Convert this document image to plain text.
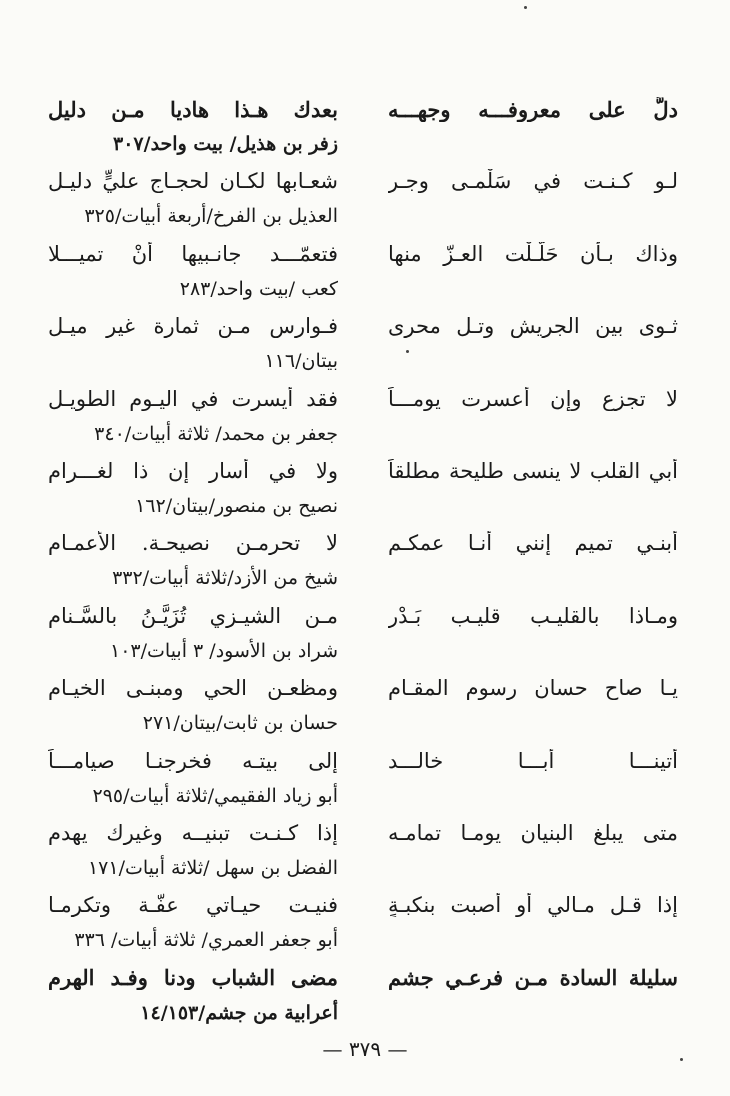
دلَّ على معروفـــه وجهـــه
بعدك هـذا هاديا مـن دليل
زفر بن هذيل/ بيت واحد/٣٠٧
لـو كـنـت في سَلْمـى وجـر
شعـابها لكـان لحجـاج عليٍّ دليـل
العذيل بن الفرخ/أربعة أبيات/٣٢٥
وذاك بـأن حَلَّـلْت العـزّ منها
فتعمّـــد جانـبيها أنْ تميـــلا
كعب /بيت واحد/٢٨٣
ثـوى بين الجريش وتـل محرى
فـوارس مـن ثمارة غير ميـل
بيتان/١١٦
لا تجزع وإن أعسرت يومـــاً
فقد أيسرت في اليـوم الطويـل
جعفر بن محمد/ ثلاثة أبيات/٣٤٠
أبي القلب لا ينسى طليحة مطلقاً
ولا في أسارٍ إن ذا لغـــرام
نصيح بن منصور/بيتان/١٦٢
أبنـي تميم إنني أنـا عمكـم
لا تحرمـن نصيحـة. الأعمـام
شيخ من الأزد/ثلاثة أبيات/٣٣٢
ومـاذا بالقليـب قليـب بَـدْر
مـن الشيـزي تُزَيَّـنُ بالسَّـنام
شراد بن الأسود/ ٣ أبيات/١٠٣
يـا صاح حسان رسوم المقـام
ومظعـن الحي ومبنـى الخيـام
حسان بن ثابت/بيتان/٢٧١
أتينـــا أبـــا خالـــد
إلى بيتـه فخرجنـا صيامـــاً
أبو زياد الفقيمي/ثلاثة أبيات/٢٩٥
متى يبلغ البنيان يومـا تمامـه
إذا كـنـت تبنيــه وغيرك يهدم
الفضل بن سهل /ثلاثة أبيات/١٧١
إذا قـل مـالي أو أصبت بنكبـةٍ
فنيـت حيـاتي عفّـة وتكرمـا
أبو جعفر العمري/ ثلاثة أبيات/ ٣٣٦
سليلة السادة مـن فرعـي جشم
مضى الشباب ودنا وفـد الهرم
أعرابية من جشم/١٤/١٥٣
— ٣٧٩ —
